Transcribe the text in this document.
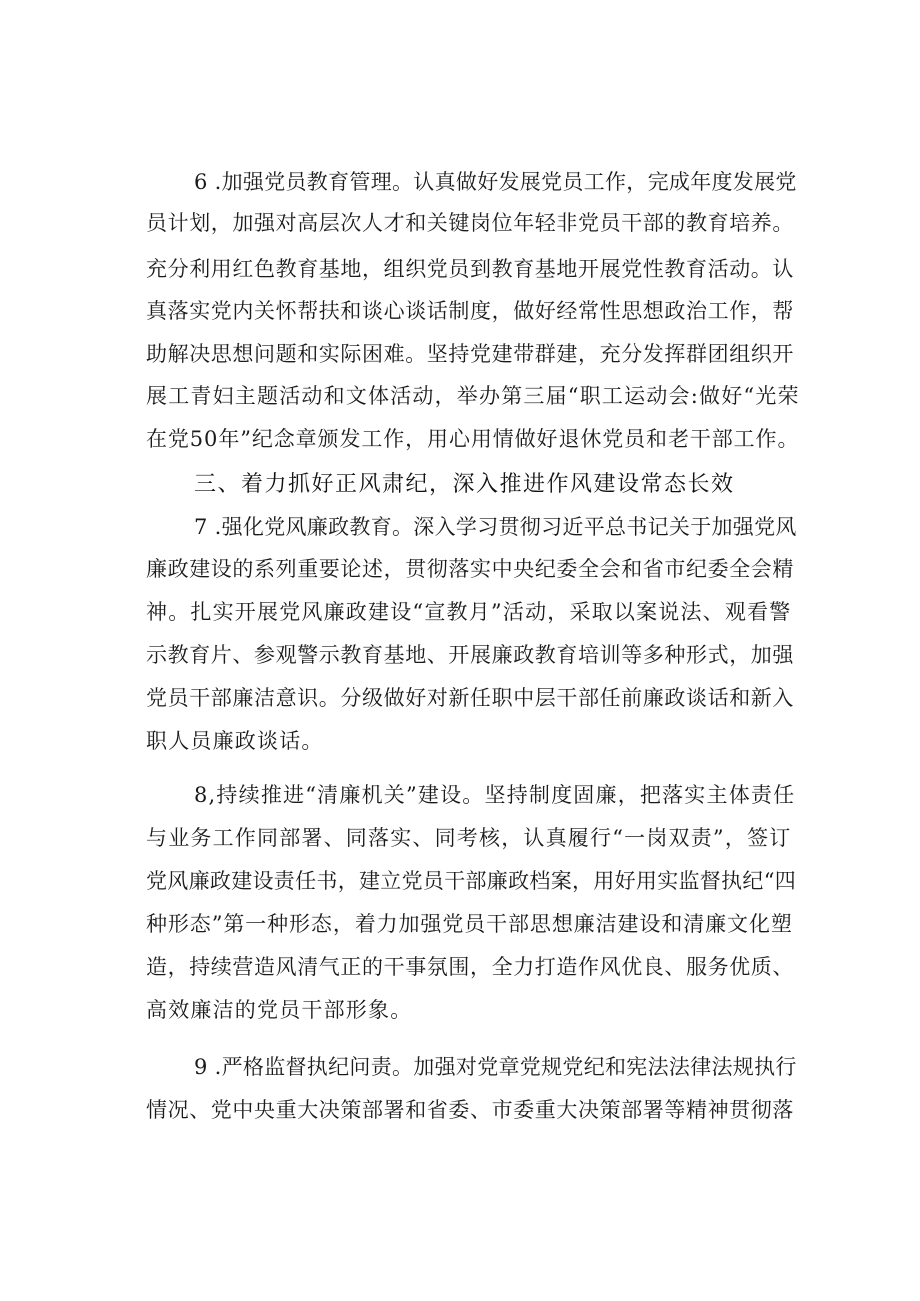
6 .加强党员教育管理。认真做好发展党员工作，完成年度发展党
员计划，加强对高层次人才和关键岗位年轻非党员干部的教育培养。
充分利用红色教育基地，组织党员到教育基地开展党性教育活动。认
真落实党内关怀帮扶和谈心谈话制度，做好经常性思想政治工作，帮
助解决思想问题和实际困难。坚持党建带群建，充分发挥群团组织开
展工青妇主题活动和文体活动，举办第三届“职工运动会:做好“光荣
在党50年”纪念章颁发工作，用心用情做好退休党员和老干部工作。
三、着力抓好正风肃纪，深入推进作风建设常态长效
7 .强化党风廉政教育。深入学习贯彻习近平总书记关于加强党风
廉政建设的系列重要论述，贯彻落实中央纪委全会和省市纪委全会精
神。扎实开展党风廉政建设“宣教月”活动，采取以案说法、观看警
示教育片、参观警示教育基地、开展廉政教育培训等多种形式，加强
党员干部廉洁意识。分级做好对新任职中层干部任前廉政谈话和新入
职人员廉政谈话。
8,持续推进“清廉机关”建设。坚持制度固廉，把落实主体责任
与业务工作同部署、同落实、同考核，认真履行“一岗双责”，签订
党风廉政建设责任书，建立党员干部廉政档案，用好用实监督执纪“四
种形态”第一种形态，着力加强党员干部思想廉洁建设和清廉文化塑
造，持续营造风清气正的干事氛围，全力打造作风优良、服务优质、
高效廉洁的党员干部形象。
9 .严格监督执纪问责。加强对党章党规党纪和宪法法律法规执行
情况、党中央重大决策部署和省委、市委重大决策部署等精神贯彻落
